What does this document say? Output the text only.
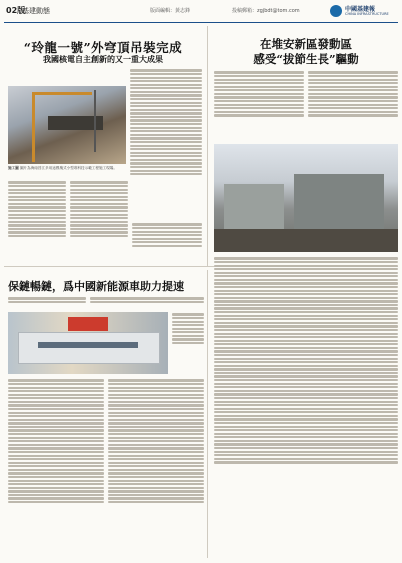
02版
基建動態	版面編輯：黃志鋒	投稿郵箱：zgjbdt@tom.com	中國基建報
CHINA INFRASTRUCTURE
“玲龍一號”外穹頂吊裝完成
我國核電自主創新的又一重大成果
施工圖 圖片為海南昌江多用途模塊式小型堆科技示範工程施工現場。
在堆安新區發動區
感受“拔節生長”驅動
保鏈暢鏈，爲中國新能源車助力提速
